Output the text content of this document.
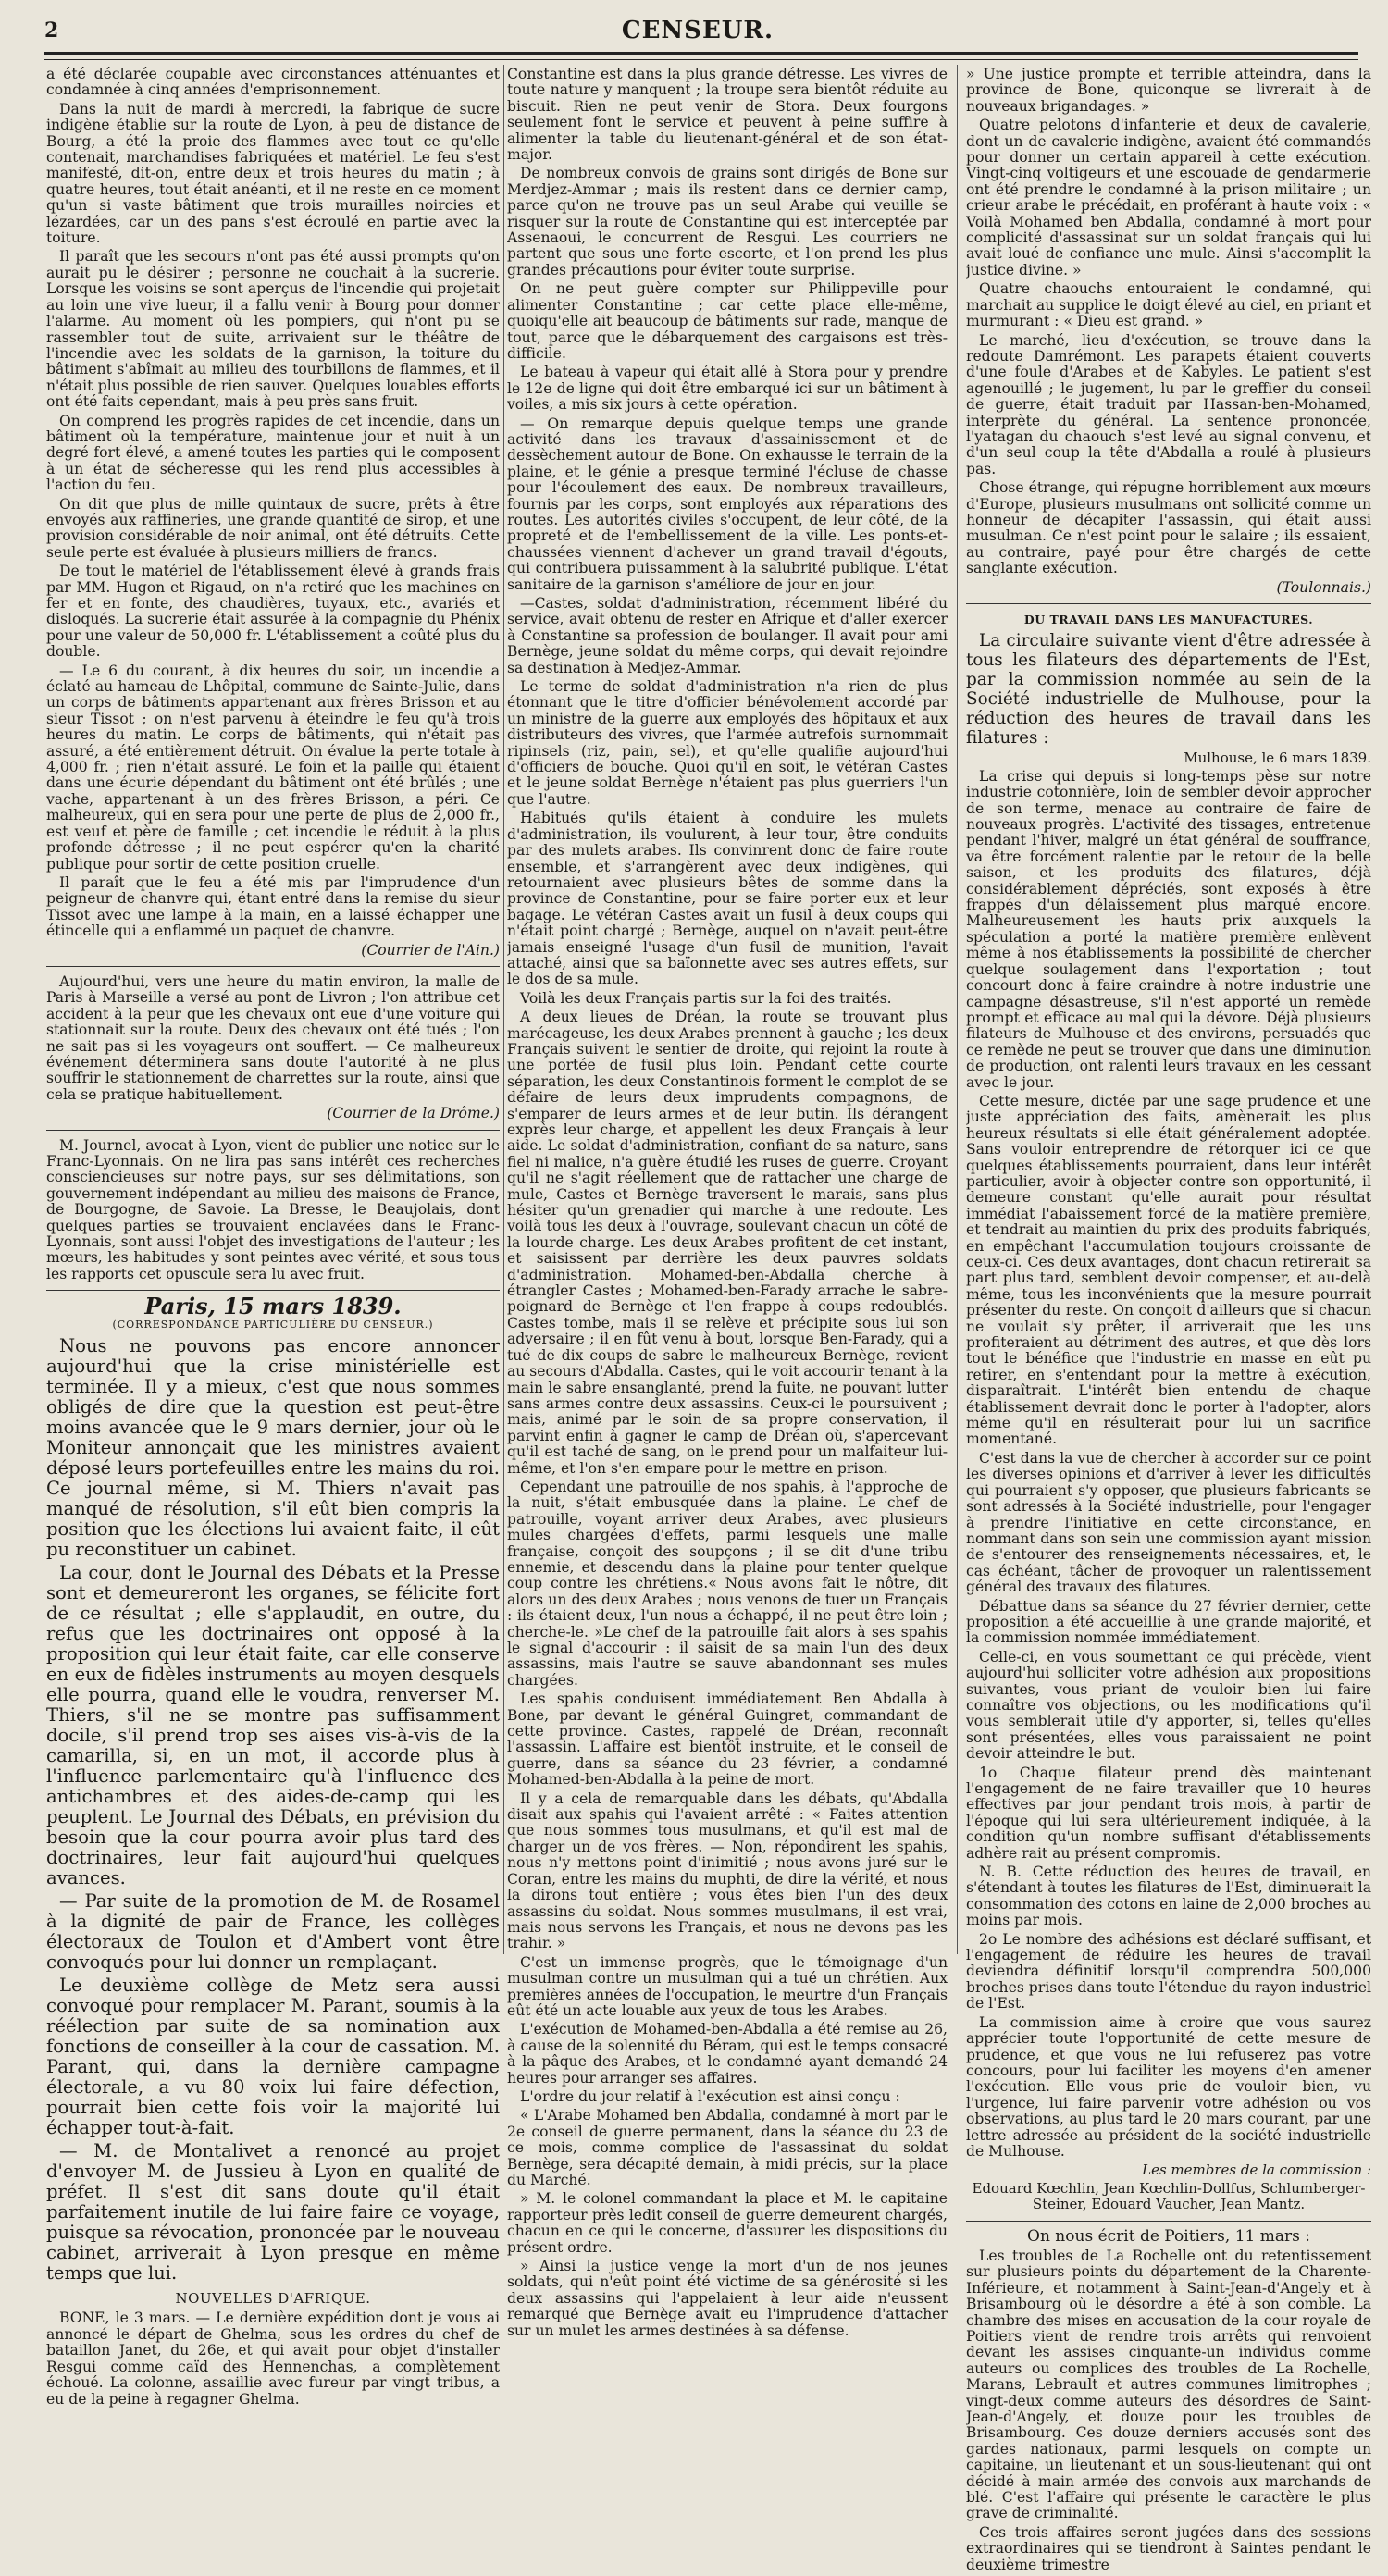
2	CENSEUR.

a été déclarée coupable avec circonstances atténuantes et condamnée à cinq années d'emprisonnement.

Dans la nuit de mardi à mercredi, la fabrique de sucre indigène établie sur la route de Lyon, à peu de distance de Bourg, a été la proie des flammes avec tout ce qu'elle contenait, marchandises fabriquées et matériel. Le feu s'est manifesté, dit-on, entre deux et trois heures du matin ; à quatre heures, tout était anéanti, et il ne reste en ce moment qu'un si vaste bâtiment que trois murailles noircies et lézardées, car un des pans s'est écroulé en partie avec la toiture.

Il paraît que les secours n'ont pas été aussi prompts qu'on aurait pu le désirer ; personne ne couchait à la sucrerie. Lorsque les voisins se sont aperçus de l'incendie qui projetait au loin une vive lueur, il a fallu venir à Bourg pour donner l'alarme. Au moment où les pompiers, qui n'ont pu se rassembler tout de suite, arrivaient sur le théâtre de l'incendie avec les soldats de la garnison, la toiture du bâtiment s'abîmait au milieu des tourbillons de flammes, et il n'était plus possible de rien sauver. Quelques louables efforts ont été faits cependant, mais à peu près sans fruit.

On comprend les progrès rapides de cet incendie, dans un bâtiment où la température, maintenue jour et nuit à un degré fort élevé, a amené toutes les parties qui le composent à un état de sécheresse qui les rend plus accessibles à l'action du feu.

On dit que plus de mille quintaux de sucre, prêts à être envoyés aux raffineries, une grande quantité de sirop, et une provision considérable de noir animal, ont été détruits. Cette seule perte est évaluée à plusieurs milliers de francs.

De tout le matériel de l'établissement élevé à grands frais par MM. Hugon et Rigaud, on n'a retiré que les machines en fer et en fonte, des chaudières, tuyaux, etc., avariés et disloqués. La sucrerie était assurée à la compagnie du Phénix pour une valeur de 50,000 fr. L'établissement a coûté plus du double.

— Le 6 du courant, à dix heures du soir, un incendie a éclaté au hameau de Lhôpital, commune de Sainte-Julie, dans un corps de bâtiments appartenant aux frères Brisson et au sieur Tissot ; on n'est parvenu à éteindre le feu qu'à trois heures du matin. Le corps de bâtiments, qui n'était pas assuré, a été entièrement détruit. On évalue la perte totale à 4,000 fr. ; rien n'était assuré. Le foin et la paille qui étaient dans une écurie dépendant du bâtiment ont été brûlés ; une vache, appartenant à un des frères Brisson, a péri. Ce malheureux, qui en sera pour une perte de plus de 2,000 fr., est veuf et père de famille ; cet incendie le réduit à la plus profonde détresse ; il ne peut espérer qu'en la charité publique pour sortir de cette position cruelle.

Il paraît que le feu a été mis par l'imprudence d'un peigneur de chanvre qui, étant entré dans la remise du sieur Tissot avec une lampe à la main, en a laissé échapper une étincelle qui a enflammé un paquet de chanvre.

(Courrier de l'Ain.)

Aujourd'hui, vers une heure du matin environ, la malle de Paris à Marseille a versé au pont de Livron ; l'on attribue cet accident à la peur que les chevaux ont eue d'une voiture qui stationnait sur la route. Deux des chevaux ont été tués ; l'on ne sait pas si les voyageurs ont souffert. — Ce malheureux événement déterminera sans doute l'autorité à ne plus souffrir le stationnement de charrettes sur la route, ainsi que cela se pratique habituellement.

(Courrier de la Drôme.)

M. Journel, avocat à Lyon, vient de publier une notice sur le Franc-Lyonnais. On ne lira pas sans intérêt ces recherches consciencieuses sur notre pays, sur ses délimitations, son gouvernement indépendant au milieu des maisons de France, de Bourgogne, de Savoie. La Bresse, le Beaujolais, dont quelques parties se trouvaient enclavées dans le Franc-Lyonnais, sont aussi l'objet des investigations de l'auteur ; les mœurs, les habitudes y sont peintes avec vérité, et sous tous les rapports cet opuscule sera lu avec fruit.

Paris, 15 mars 1839.
(CORRESPONDANCE PARTICULIÈRE DU CENSEUR.)

Nous ne pouvons pas encore annoncer aujourd'hui que la crise ministérielle est terminée. Il y a mieux, c'est que nous sommes obligés de dire que la question est peut-être moins avancée que le 9 mars dernier, jour où le Moniteur annonçait que les ministres avaient déposé leurs portefeuilles entre les mains du roi. Ce journal même, si M. Thiers n'avait pas manqué de résolution, s'il eût bien compris la position que les élections lui avaient faite, il eût pu reconstituer un cabinet.

La cour, dont le Journal des Débats et la Presse sont et demeureront les organes, se félicite fort de ce résultat ; elle s'applaudit, en outre, du refus que les doctrinaires ont opposé à la proposition qui leur était faite, car elle conserve en eux de fidèles instruments au moyen desquels elle pourra, quand elle le voudra, renverser M. Thiers, s'il ne se montre pas suffisamment docile, s'il prend trop ses aises vis-à-vis de la camarilla, si, en un mot, il accorde plus à l'influence parlementaire qu'à l'influence des antichambres et des aides-de-camp qui les peuplent. Le Journal des Débats, en prévision du besoin que la cour pourra avoir plus tard des doctrinaires, leur fait aujourd'hui quelques avances.

— Par suite de la promotion de M. de Rosamel à la dignité de pair de France, les collèges électoraux de Toulon et d'Ambert vont être convoqués pour lui donner un remplaçant.

Le deuxième collège de Metz sera aussi convoqué pour remplacer M. Parant, soumis à la réélection par suite de sa nomination aux fonctions de conseiller à la cour de cassation. M. Parant, qui, dans la dernière campagne électorale, a vu 80 voix lui faire défection, pourrait bien cette fois voir la majorité lui échapper tout-à-fait.

— M. de Montalivet a renoncé au projet d'envoyer M. de Jussieu à Lyon en qualité de préfet. Il s'est dit sans doute qu'il était parfaitement inutile de lui faire faire ce voyage, puisque sa révocation, prononcée par le nouveau cabinet, arriverait à Lyon presque en même temps que lui.

NOUVELLES D'AFRIQUE.

BONE, le 3 mars. — Le dernière expédition dont je vous ai annoncé le départ de Ghelma, sous les ordres du chef de bataillon Janet, du 26e, et qui avait pour objet d'installer Resgui comme caïd des Hennenchas, a complètement échoué. La colonne, assaillie avec fureur par vingt tribus, a eu de la peine à regagner Ghelma.

Constantine est dans la plus grande détresse. Les vivres de toute nature y manquent ; la troupe sera bientôt réduite au biscuit. Rien ne peut venir de Stora. Deux fourgons seulement font le service et peuvent à peine suffire à alimenter la table du lieutenant-général et de son état-major.

De nombreux convois de grains sont dirigés de Bone sur Merdjez-Ammar ; mais ils restent dans ce dernier camp, parce qu'on ne trouve pas un seul Arabe qui veuille se risquer sur la route de Constantine qui est interceptée par Assenaoui, le concurrent de Resgui. Les courriers ne partent que sous une forte escorte, et l'on prend les plus grandes précautions pour éviter toute surprise.

On ne peut guère compter sur Philippeville pour alimenter Constantine ; car cette place elle-même, quoiqu'elle ait beaucoup de bâtiments sur rade, manque de tout, parce que le débarquement des cargaisons est très-difficile.

Le bateau à vapeur qui était allé à Stora pour y prendre le 12e de ligne qui doit être embarqué ici sur un bâtiment à voiles, a mis six jours à cette opération.

— On remarque depuis quelque temps une grande activité dans les travaux d'assainissement et de dessèchement autour de Bone. On exhausse le terrain de la plaine, et le génie a presque terminé l'écluse de chasse pour l'écoulement des eaux. De nombreux travailleurs, fournis par les corps, sont employés aux réparations des routes. Les autorités civiles s'occupent, de leur côté, de la propreté et de l'embellissement de la ville. Les ponts-et-chaussées viennent d'achever un grand travail d'égouts, qui contribuera puissamment à la salubrité publique. L'état sanitaire de la garnison s'améliore de jour en jour.

—Castes, soldat d'administration, récemment libéré du service, avait obtenu de rester en Afrique et d'aller exercer à Constantine sa profession de boulanger. Il avait pour ami Bernège, jeune soldat du même corps, qui devait rejoindre sa destination à Medjez-Ammar.

Le terme de soldat d'administration n'a rien de plus étonnant que le titre d'officier bénévolement accordé par un ministre de la guerre aux employés des hôpitaux et aux distributeurs des vivres, que l'armée autrefois surnommait ripinsels (riz, pain, sel), et qu'elle qualifie aujourd'hui d'officiers de bouche. Quoi qu'il en soit, le vétéran Castes et le jeune soldat Bernège n'étaient pas plus guerriers l'un que l'autre.

Habitués qu'ils étaient à conduire les mulets d'administration, ils voulurent, à leur tour, être conduits par des mulets arabes. Ils convinrent donc de faire route ensemble, et s'arrangèrent avec deux indigènes, qui retournaient avec plusieurs bêtes de somme dans la province de Constantine, pour se faire porter eux et leur bagage. Le vétéran Castes avait un fusil à deux coups qui n'était point chargé ; Bernège, auquel on n'avait peut-être jamais enseigné l'usage d'un fusil de munition, l'avait attaché, ainsi que sa baïonnette avec ses autres effets, sur le dos de sa mule.

Voilà les deux Français partis sur la foi des traités.

A deux lieues de Dréan, la route se trouvant plus marécageuse, les deux Arabes prennent à gauche ; les deux Français suivent le sentier de droite, qui rejoint la route à une portée de fusil plus loin. Pendant cette courte séparation, les deux Constantinois forment le complot de se défaire de leurs deux imprudents compagnons, de s'emparer de leurs armes et de leur butin. Ils dérangent exprès leur charge, et appellent les deux Français à leur aide. Le soldat d'administration, confiant de sa nature, sans fiel ni malice, n'a guère étudié les ruses de guerre. Croyant qu'il ne s'agit réellement que de rattacher une charge de mule, Castes et Bernège traversent le marais, sans plus hésiter qu'un grenadier qui marche à une redoute. Les voilà tous les deux à l'ouvrage, soulevant chacun un côté de la lourde charge. Les deux Arabes profitent de cet instant, et saisissent par derrière les deux pauvres soldats d'administration. Mohamed-ben-Abdalla cherche à étrangler Castes ; Mohamed-ben-Farady arrache le sabre-poignard de Bernège et l'en frappe à coups redoublés. Castes tombe, mais il se relève et précipite sous lui son adversaire ; il en fût venu à bout, lorsque Ben-Farady, qui a tué de dix coups de sabre le malheureux Bernège, revient au secours d'Abdalla. Castes, qui le voit accourir tenant à la main le sabre ensanglanté, prend la fuite, ne pouvant lutter sans armes contre deux assassins. Ceux-ci le poursuivent ; mais, animé par le soin de sa propre conservation, il parvint enfin à gagner le camp de Dréan où, s'apercevant qu'il est taché de sang, on le prend pour un malfaiteur lui-même, et l'on s'en empare pour le mettre en prison.

Cependant une patrouille de nos spahis, à l'approche de la nuit, s'était embusquée dans la plaine. Le chef de patrouille, voyant arriver deux Arabes, avec plusieurs mules chargées d'effets, parmi lesquels une malle française, conçoit des soupçons ; il se dit d'une tribu ennemie, et descendu dans la plaine pour tenter quelque coup contre les chrétiens.« Nous avons fait le nôtre, dit alors un des deux Arabes ; nous venons de tuer un Français : ils étaient deux, l'un nous a échappé, il ne peut être loin ; cherche-le. »Le chef de la patrouille fait alors à ses spahis le signal d'accourir : il saisit de sa main l'un des deux assassins, mais l'autre se sauve abandonnant ses mules chargées.

Les spahis conduisent immédiatement Ben Abdalla à Bone, par devant le général Guingret, commandant de cette province. Castes, rappelé de Dréan, reconnaît l'assassin. L'affaire est bientôt instruite, et le conseil de guerre, dans sa séance du 23 février, a condamné Mohamed-ben-Abdalla à la peine de mort.

Il y a cela de remarquable dans les débats, qu'Abdalla disait aux spahis qui l'avaient arrêté : « Faites attention que nous sommes tous musulmans, et qu'il est mal de charger un de vos frères. — Non, répondirent les spahis, nous n'y mettons point d'inimitié ; nous avons juré sur le Coran, entre les mains du muphti, de dire la vérité, et nous la dirons tout entière ; vous êtes bien l'un des deux assassins du soldat. Nous sommes musulmans, il est vrai, mais nous servons les Français, et nous ne devons pas les trahir. »

C'est un immense progrès, que le témoignage d'un musulman contre un musulman qui a tué un chrétien. Aux premières années de l'occupation, le meurtre d'un Français eût été un acte louable aux yeux de tous les Arabes.

L'exécution de Mohamed-ben-Abdalla a été remise au 26, à cause de la solennité du Béram, qui est le temps consacré à la pâque des Arabes, et le condamné ayant demandé 24 heures pour arranger ses affaires.

L'ordre du jour relatif à l'exécution est ainsi conçu :

« L'Arabe Mohamed ben Abdalla, condamné à mort par le 2e conseil de guerre permanent, dans la séance du 23 de ce mois, comme complice de l'assassinat du soldat Bernège, sera décapité demain, à midi précis, sur la place du Marché.

» M. le colonel commandant la place et M. le capitaine rapporteur près ledit conseil de guerre demeurent chargés, chacun en ce qui le concerne, d'assurer les dispositions du présent ordre.

» Ainsi la justice venge la mort d'un de nos jeunes soldats, qui n'eût point été victime de sa générosité si les deux assassins qui l'appelaient à leur aide n'eussent remarqué que Bernège avait eu l'imprudence d'attacher sur un mulet les armes destinées à sa défense.

» Une justice prompte et terrible atteindra, dans la province de Bone, quiconque se livrerait à de nouveaux brigandages. »

Quatre pelotons d'infanterie et deux de cavalerie, dont un de cavalerie indigène, avaient été commandés pour donner un certain appareil à cette exécution. Vingt-cinq voltigeurs et une escouade de gendarmerie ont été prendre le condamné à la prison militaire ; un crieur arabe le précédait, en proférant à haute voix : « Voilà Mohamed ben Abdalla, condamné à mort pour complicité d'assassinat sur un soldat français qui lui avait loué de confiance une mule. Ainsi s'accomplit la justice divine. »

Quatre chaouchs entouraient le condamné, qui marchait au supplice le doigt élevé au ciel, en priant et murmurant : « Dieu est grand. »

Le marché, lieu d'exécution, se trouve dans la redoute Damrémont. Les parapets étaient couverts d'une foule d'Arabes et de Kabyles. Le patient s'est agenouillé ; le jugement, lu par le greffier du conseil de guerre, était traduit par Hassan-ben-Mohamed, interprète du général. La sentence prononcée, l'yatagan du chaouch s'est levé au signal convenu, et d'un seul coup la tête d'Abdalla a roulé à plusieurs pas.

Chose étrange, qui répugne horriblement aux mœurs d'Europe, plusieurs musulmans ont sollicité comme un honneur de décapiter l'assassin, qui était aussi musulman. Ce n'est point pour le salaire ; ils essaient, au contraire, payé pour être chargés de cette sanglante exécution.

(Toulonnais.)
DU TRAVAIL DANS LES MANUFACTURES.

La circulaire suivante vient d'être adressée à tous les filateurs des départements de l'Est, par la commission nommée au sein de la Société industrielle de Mulhouse, pour la réduction des heures de travail dans les filatures :

Mulhouse, le 6 mars 1839.

La crise qui depuis si long-temps pèse sur notre industrie cotonnière, loin de sembler devoir approcher de son terme, menace au contraire de faire de nouveaux progrès. L'activité des tissages, entretenue pendant l'hiver, malgré un état général de souffrance, va être forcément ralentie par le retour de la belle saison, et les produits des filatures, déjà considérablement dépréciés, sont exposés à être frappés d'un délaissement plus marqué encore. Malheureusement les hauts prix auxquels la spéculation a porté la matière première enlèvent même à nos établissements la possibilité de chercher quelque soulagement dans l'exportation ; tout concourt donc à faire craindre à notre industrie une campagne désastreuse, s'il n'est apporté un remède prompt et efficace au mal qui la dévore. Déjà plusieurs filateurs de Mulhouse et des environs, persuadés que ce remède ne peut se trouver que dans une diminution de production, ont ralenti leurs travaux en les cessant avec le jour.

Cette mesure, dictée par une sage prudence et une juste appréciation des faits, amènerait les plus heureux résultats si elle était généralement adoptée. Sans vouloir entreprendre de rétorquer ici ce que quelques établissements pourraient, dans leur intérêt particulier, avoir à objecter contre son opportunité, il demeure constant qu'elle aurait pour résultat immédiat l'abaissement forcé de la matière première, et tendrait au maintien du prix des produits fabriqués, en empêchant l'accumulation toujours croissante de ceux-ci. Ces deux avantages, dont chacun retirerait sa part plus tard, semblent devoir compenser, et au-delà même, tous les inconvénients que la mesure pourrait présenter du reste. On conçoit d'ailleurs que si chacun ne voulait s'y prêter, il arriverait que les uns profiteraient au détriment des autres, et que dès lors tout le bénéfice que l'industrie en masse en eût pu retirer, en s'entendant pour la mettre à exécution, disparaîtrait. L'intérêt bien entendu de chaque établissement devrait donc le porter à l'adopter, alors même qu'il en résulterait pour lui un sacrifice momentané.

C'est dans la vue de chercher à accorder sur ce point les diverses opinions et d'arriver à lever les difficultés qui pourraient s'y opposer, que plusieurs fabricants se sont adressés à la Société industrielle, pour l'engager à prendre l'initiative en cette circonstance, en nommant dans son sein une commission ayant mission de s'entourer des renseignements nécessaires, et, le cas échéant, tâcher de provoquer un ralentissement général des travaux des filatures.

Débattue dans sa séance du 27 février dernier, cette proposition a été accueillie à une grande majorité, et la commission nommée immédiatement.

Celle-ci, en vous soumettant ce qui précède, vient aujourd'hui solliciter votre adhésion aux propositions suivantes, vous priant de vouloir bien lui faire connaître vos objections, ou les modifications qu'il vous semblerait utile d'y apporter, si, telles qu'elles sont présentées, elles vous paraissaient ne point devoir atteindre le but.

1o Chaque filateur prend dès maintenant l'engagement de ne faire travailler que 10 heures effectives par jour pendant trois mois, à partir de l'époque qui lui sera ultérieurement indiquée, à la condition qu'un nombre suffisant d'établissements adhère rait au présent compromis.

N. B. Cette réduction des heures de travail, en s'étendant à toutes les filatures de l'Est, diminuerait la consommation des cotons en laine de 2,000 broches au moins par mois.

2o Le nombre des adhésions est déclaré suffisant, et l'engagement de réduire les heures de travail deviendra définitif lorsqu'il comprendra 500,000 broches prises dans toute l'étendue du rayon industriel de l'Est.

La commission aime à croire que vous saurez apprécier toute l'opportunité de cette mesure de prudence, et que vous ne lui refuserez pas votre concours, pour lui faciliter les moyens d'en amener l'exécution. Elle vous prie de vouloir bien, vu l'urgence, lui faire parvenir votre adhésion ou vos observations, au plus tard le 20 mars courant, par une lettre adressée au président de la société industrielle de Mulhouse.

Les membres de la commission :
Edouard Kœchlin, Jean Kœchlin-Dollfus, Schlumberger-Steiner, Edouard Vaucher, Jean Mantz.
On nous écrit de Poitiers, 11 mars :

Les troubles de La Rochelle ont du retentissement sur plusieurs points du département de la Charente-Inférieure, et notamment à Saint-Jean-d'Angely et à Brisambourg où le désordre a été à son comble. La chambre des mises en accusation de la cour royale de Poitiers vient de rendre trois arrêts qui renvoient devant les assises cinquante-un individus comme auteurs ou complices des troubles de La Rochelle, Marans, Lebrault et autres communes limitrophes ; vingt-deux comme auteurs des désordres de Saint-Jean-d'Angely, et douze pour les troubles de Brisambourg. Ces douze derniers accusés sont des gardes nationaux, parmi lesquels on compte un capitaine, un lieutenant et un sous-lieutenant qui ont décidé à main armée des convois aux marchands de blé. C'est l'affaire qui présente le caractère le plus grave de criminalité.

Ces trois affaires seront jugées dans des sessions extraordinaires qui se tiendront à Saintes pendant le deuxième trimestre
